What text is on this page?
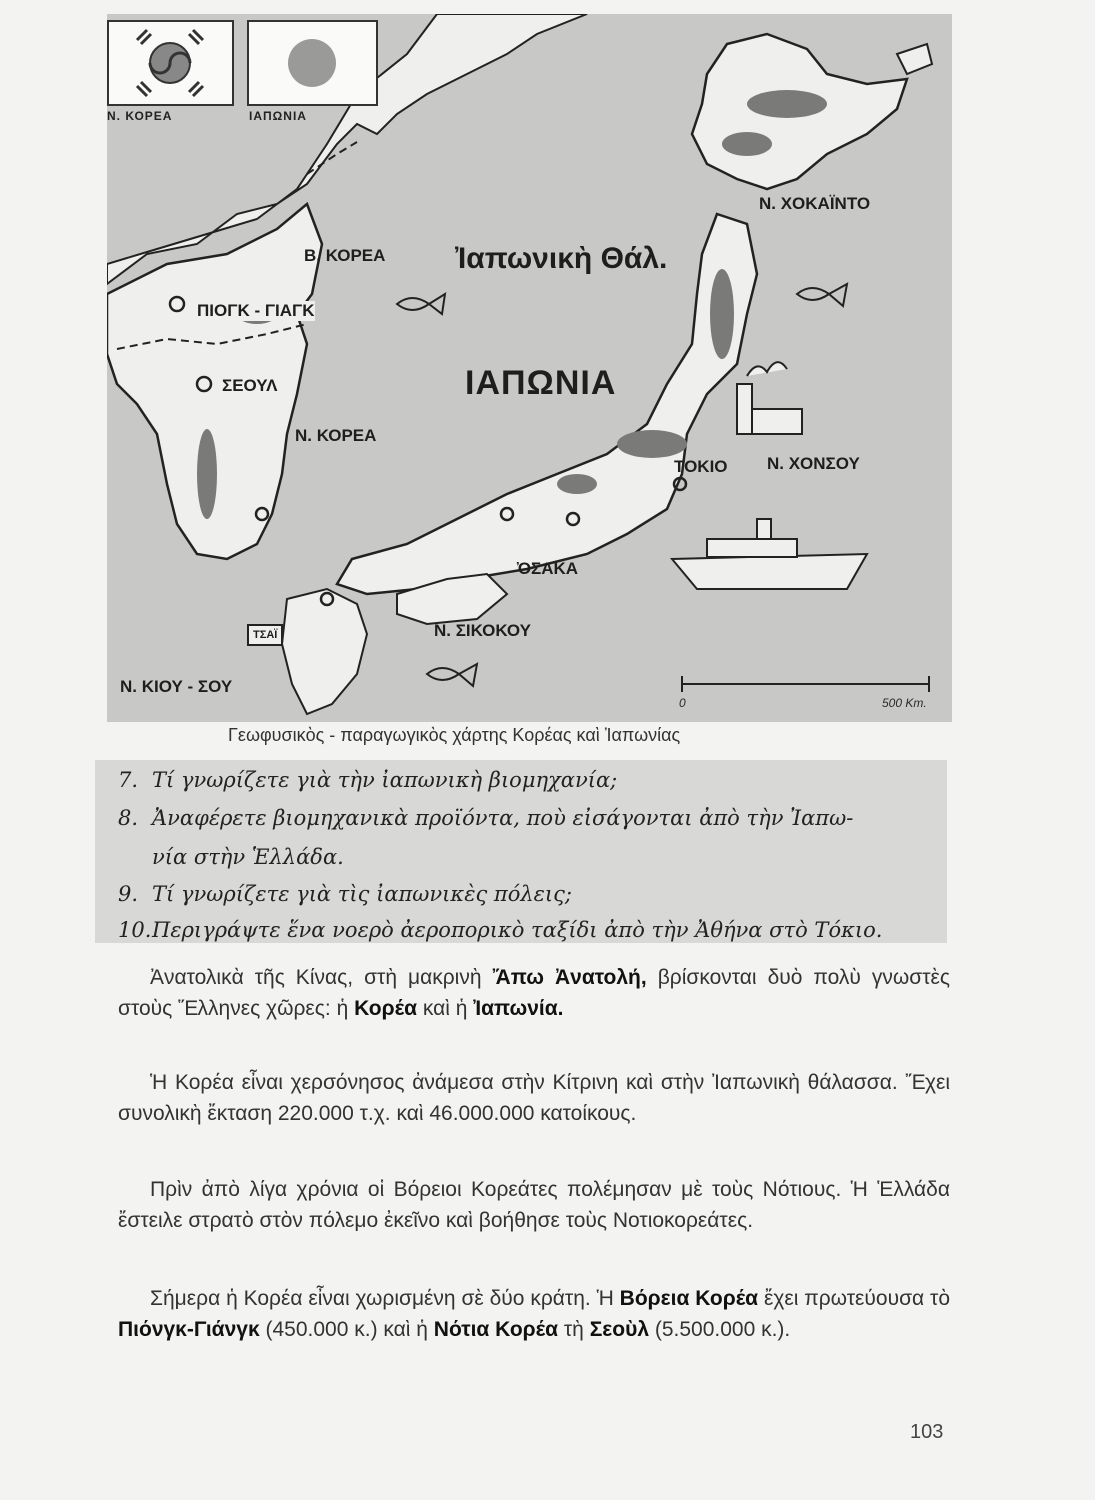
Ν. ΚΟΡΕΑ	ΙΑΠΩΝΙΑ
Ν. ΧΟΚΑΪΝΤΟ
Β. ΚΟΡΕΑ Ἰαπωνικὴ Θάλ.
ΠΙΟΓΚ - ΓΙΑΓΚ
ΣΕΟΥΛ	ΙΑΠΩΝΙΑ
Ν. ΚΟΡΕΑ
ΤΟΚΙΟ Ν. ΧΟΝΣΟΥ
ὈΣΑΚΑ
Ν. ΣΙΚΟΚΟΥ
Ν. ΚΙΟΥ - ΣΟΥ
ΤΣΑΪ
0	500 Km.
Γεωφυσικὸς - παραγωγικὸς χάρτης Κορέας καὶ Ἰαπωνίας
7. Τί γνωρίζετε γιὰ τὴν ἰαπωνικὴ βιομηχανία;
8. Ἀναφέρετε βιομηχανικὰ προϊόντα, ποὺ εἰσάγονται ἀπὸ τὴν Ἰαπω-
νία στὴν Ἑλλάδα.
9. Τί γνωρίζετε γιὰ τὶς ἰαπωνικὲς πόλεις;
10.Περιγράψτε ἕνα νοερὸ ἀεροπορικὸ ταξίδι ἀπὸ τὴν Ἀθήνα στὸ Τόκιο.

Ἀνατολικὰ τῆς Κίνας, στὴ μακρινὴ Ἄπω Ἀνατολή, βρίσκονται δυὸ πολὺ γνωστὲς στοὺς Ἕλληνες χῶρες: ἡ Κορέα καὶ ἡ Ἰαπωνία.

Ἡ Κορέα εἶναι χερσόνησος ἀνάμεσα στὴν Κίτρινη καὶ στὴν Ἰαπωνικὴ θάλασσα. Ἔχει συνολικὴ ἔκταση 220.000 τ.χ. καὶ 46.000.000 κατοίκους.

Πρὶν ἀπὸ λίγα χρόνια οἱ Βόρειοι Κορεάτες πολέμησαν μὲ τοὺς Νότιους. Ἡ Ἑλλάδα ἔστειλε στρατὸ στὸν πόλεμο ἐκεῖνο καὶ βοήθησε τοὺς Νοτιοκορεάτες.

Σήμερα ἡ Κορέα εἶναι χωρισμένη σὲ δύο κράτη. Ἡ Βόρεια Κορέα ἔχει πρωτεύουσα τὸ Πιόνγκ-Γιάνγκ (450.000 κ.) καὶ ἡ Νότια Κορέα τὴ Σεοὺλ (5.500.000 κ.).

103
